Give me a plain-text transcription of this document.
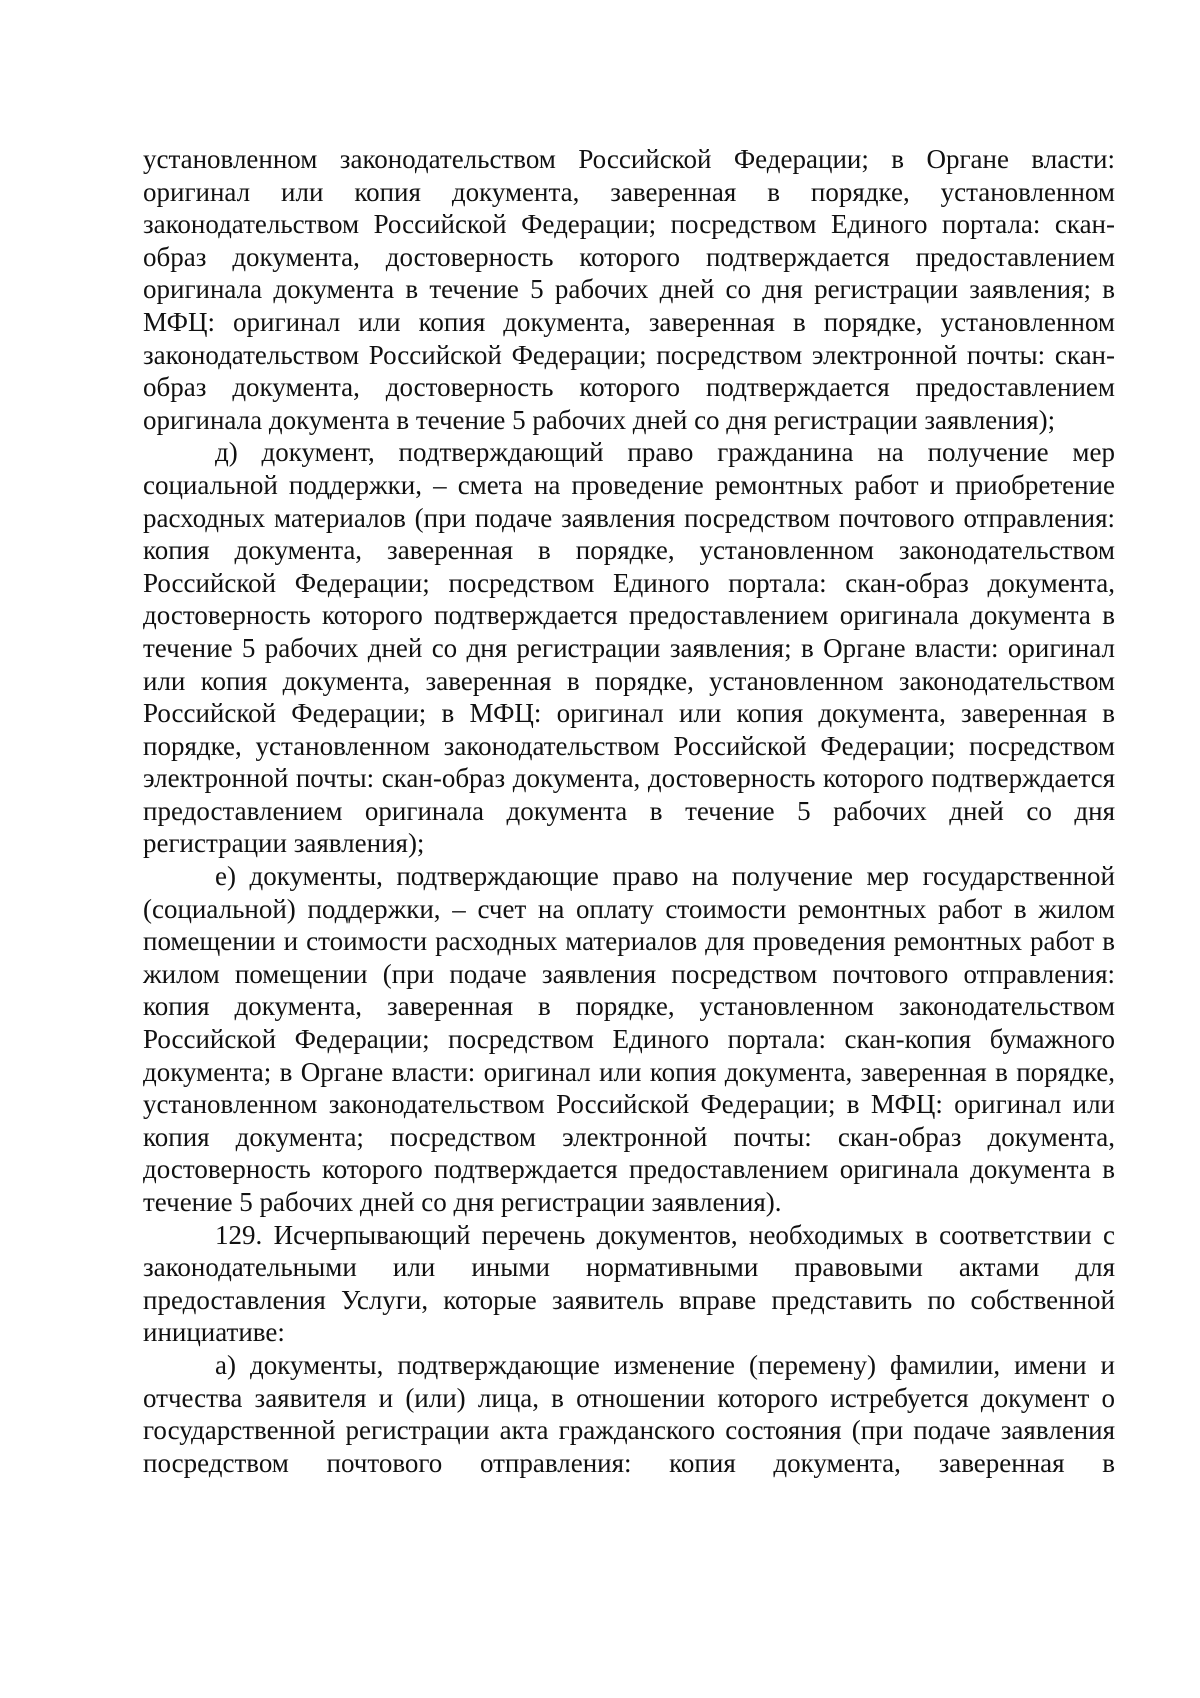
установленном законодательством Российской Федерации; в Органе власти: оригинал или копия документа, заверенная в порядке, установленном законодательством Российской Федерации; посредством Единого портала: скан-образ документа, достоверность которого подтверждается предоставлением оригинала документа в течение 5 рабочих дней со дня регистрации заявления; в МФЦ: оригинал или копия документа, заверенная в порядке, установленном законодательством Российской Федерации; посредством электронной почты: скан-образ документа, достоверность которого подтверждается предоставлением оригинала документа в течение 5 рабочих дней со дня регистрации заявления);

д) документ, подтверждающий право гражданина на получение мер социальной поддержки, – смета на проведение ремонтных работ и приобретение расходных материалов (при подаче заявления посредством почтового отправления: копия документа, заверенная в порядке, установленном законодательством Российской Федерации; посредством Единого портала: скан-образ документа, достоверность которого подтверждается предоставлением оригинала документа в течение 5 рабочих дней со дня регистрации заявления; в Органе власти: оригинал или копия документа, заверенная в порядке, установленном законодательством Российской Федерации; в МФЦ: оригинал или копия документа, заверенная в порядке, установленном законодательством Российской Федерации; посредством электронной почты: скан-образ документа, достоверность которого подтверждается предоставлением оригинала документа в течение 5 рабочих дней со дня регистрации заявления);

е) документы, подтверждающие право на получение мер государственной (социальной) поддержки, – счет на оплату стоимости ремонтных работ в жилом помещении и стоимости расходных материалов для проведения ремонтных работ в жилом помещении (при подаче заявления посредством почтового отправления: копия документа, заверенная в порядке, установленном законодательством Российской Федерации; посредством Единого портала: скан-копия бумажного документа; в Органе власти: оригинал или копия документа, заверенная в порядке, установленном законодательством Российской Федерации; в МФЦ: оригинал или копия документа; посредством электронной почты: скан-образ документа, достоверность которого подтверждается предоставлением оригинала документа в течение 5 рабочих дней со дня регистрации заявления).

129. Исчерпывающий перечень документов, необходимых в соответствии с законодательными или иными нормативными правовыми актами для предоставления Услуги, которые заявитель вправе представить по собственной инициативе:

а) документы, подтверждающие изменение (перемену) фамилии, имени и отчества заявителя и (или) лица, в отношении которого истребуется документ о государственной регистрации акта гражданского состояния (при подаче заявления посредством почтового отправления: копия документа, заверенная в
